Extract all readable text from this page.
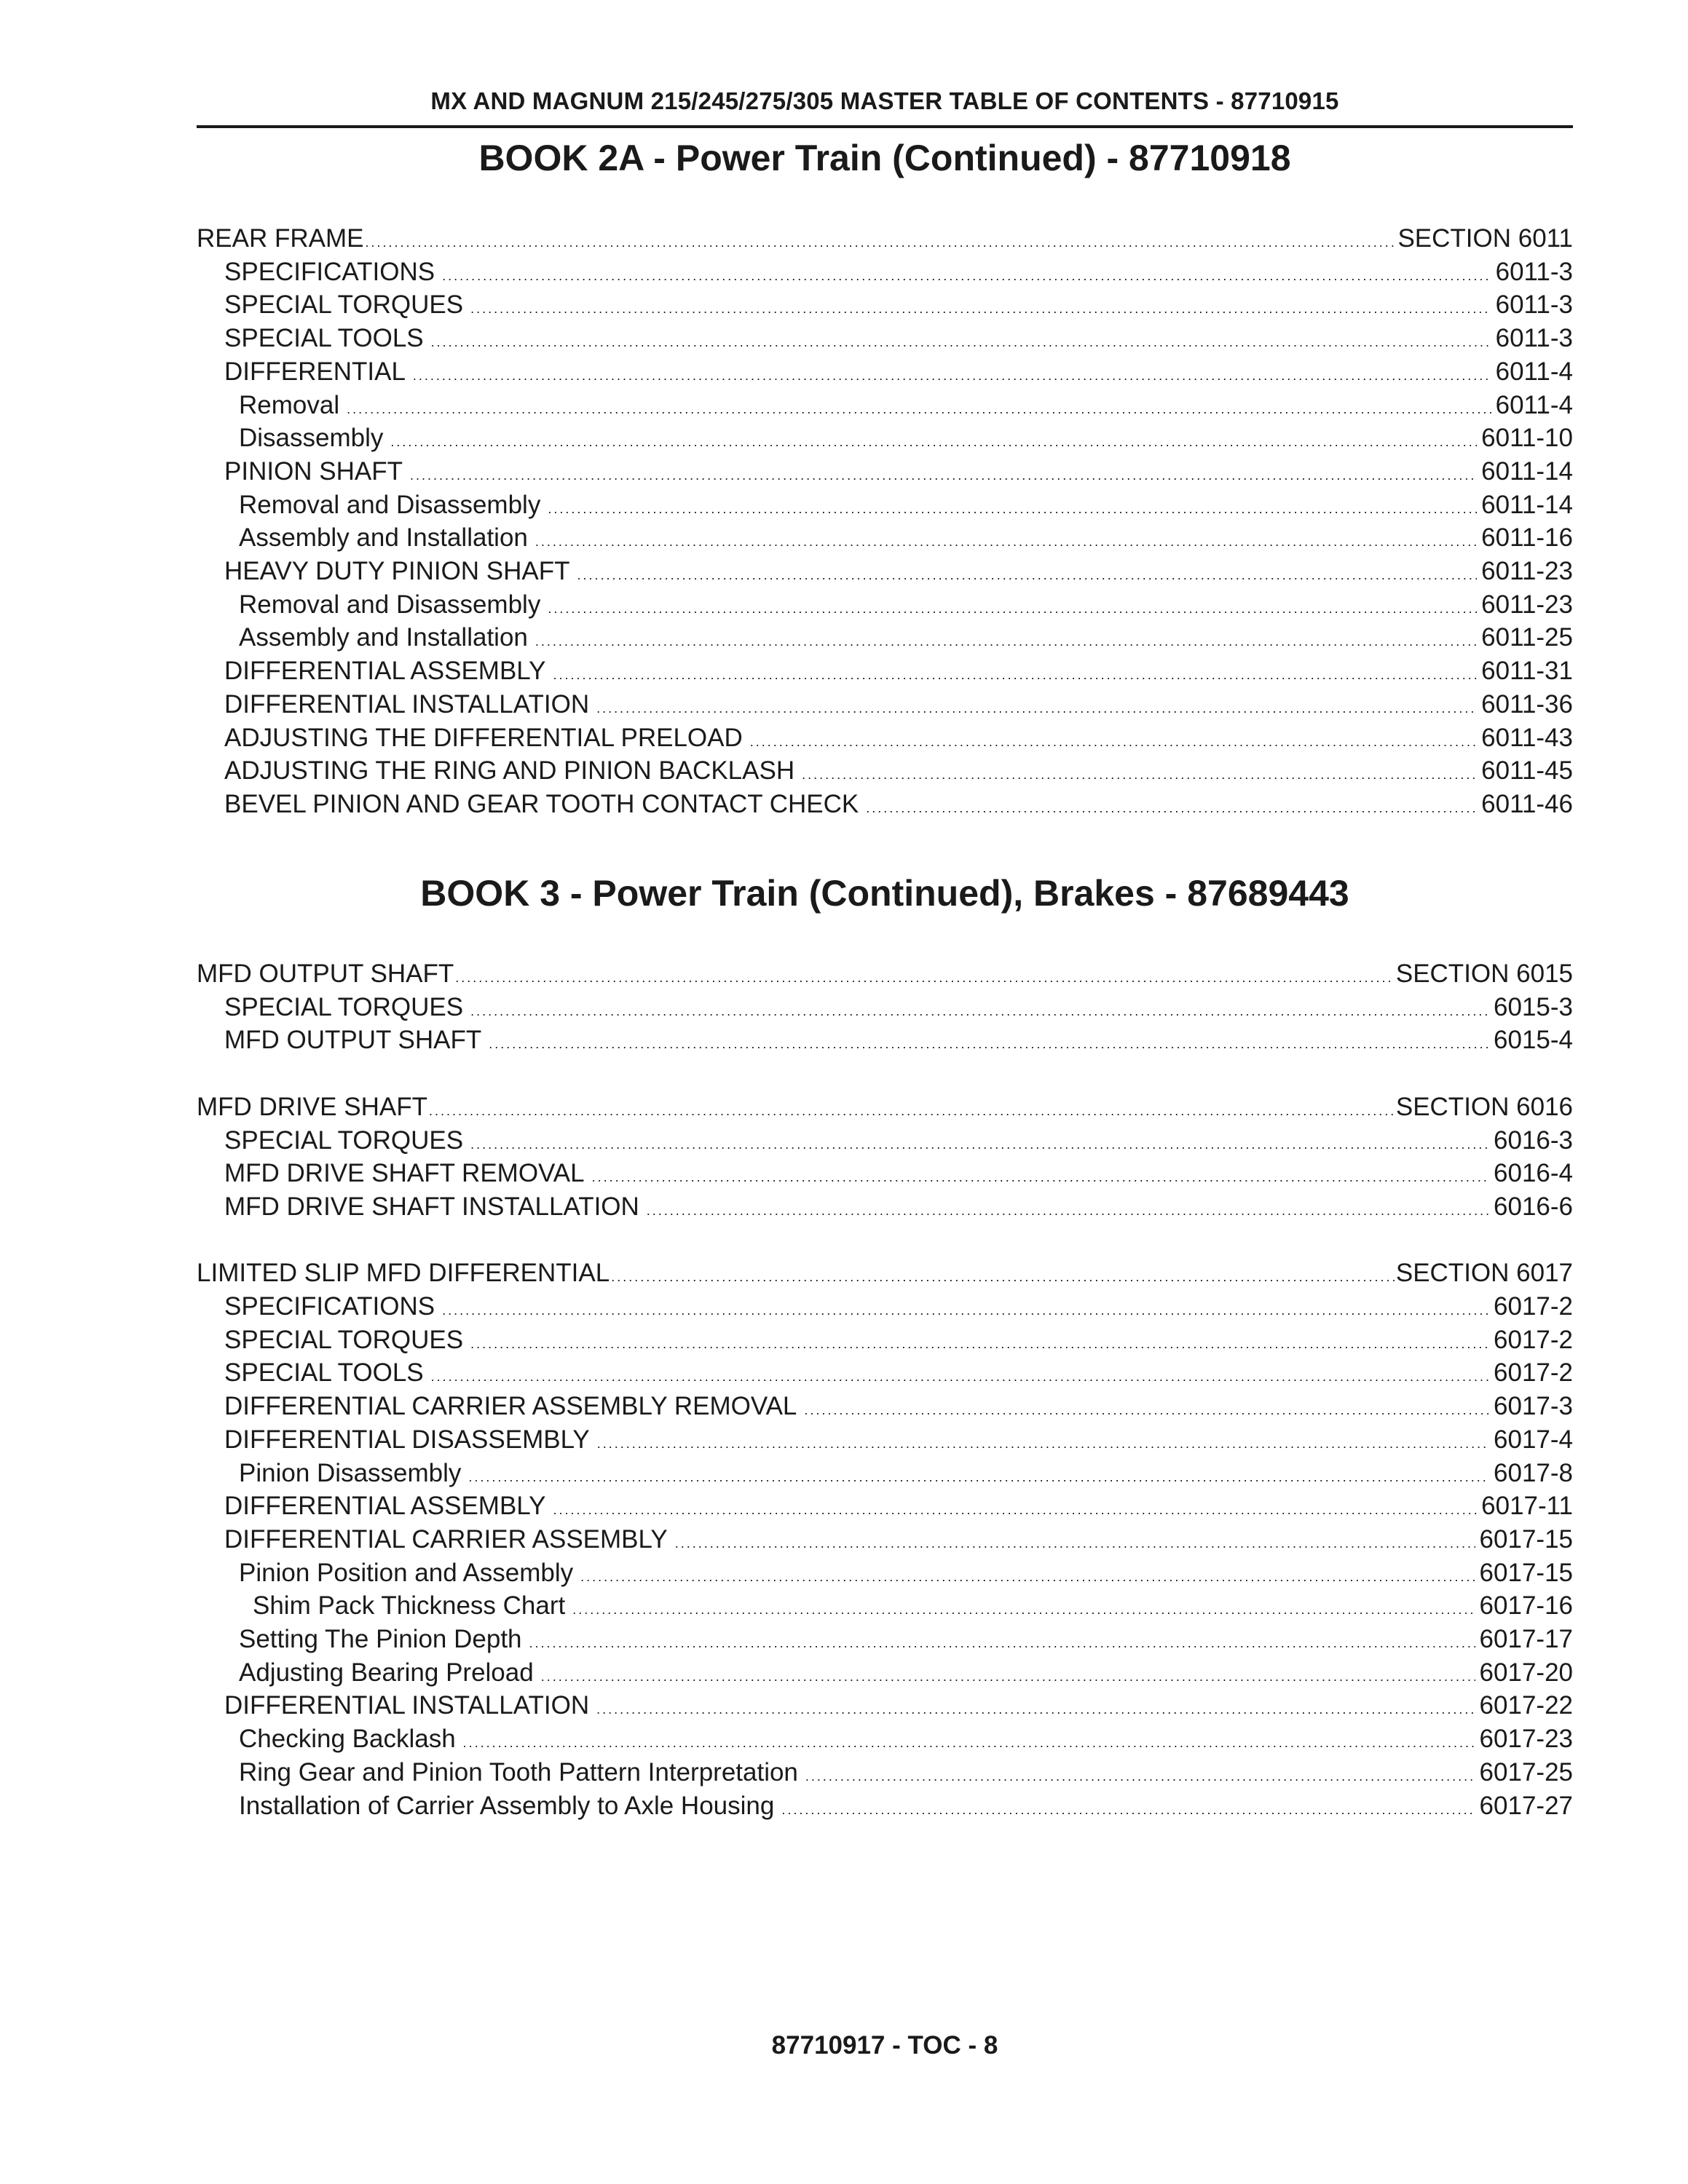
MX AND MAGNUM 215/245/275/305 MASTER TABLE OF CONTENTS - 87710915
BOOK 2A - Power Train (Continued) - 87710918
REAR FRAME . . .	SECTION 6011
SPECIFICATIONS . . .	6011-3
SPECIAL TORQUES . . .	6011-3
SPECIAL TOOLS . . .	6011-3
DIFFERENTIAL . . .	6011-4
Removal . . .	6011-4
Disassembly . . .	6011-10
PINION SHAFT . . .	6011-14
Removal and Disassembly . . .	6011-14
Assembly and Installation . . .	6011-16
HEAVY DUTY PINION SHAFT . . .	6011-23
Removal and Disassembly . . .	6011-23
Assembly and Installation . . .	6011-25
DIFFERENTIAL ASSEMBLY . . .	6011-31
DIFFERENTIAL INSTALLATION . . .	6011-36
ADJUSTING THE DIFFERENTIAL PRELOAD . . .	6011-43
ADJUSTING THE RING AND PINION BACKLASH . . .	6011-45
BEVEL PINION AND GEAR TOOTH CONTACT CHECK . . .	6011-46
BOOK 3 - Power Train (Continued), Brakes - 87689443
MFD OUTPUT SHAFT . . .	SECTION 6015
SPECIAL TORQUES . . .	6015-3
MFD OUTPUT SHAFT . . .	6015-4
MFD DRIVE SHAFT . . .	SECTION 6016
SPECIAL TORQUES . . .	6016-3
MFD DRIVE SHAFT REMOVAL . . .	6016-4
MFD DRIVE SHAFT INSTALLATION . . .	6016-6
LIMITED SLIP MFD DIFFERENTIAL . . .	SECTION 6017
SPECIFICATIONS . . .	6017-2
SPECIAL TORQUES . . .	6017-2
SPECIAL TOOLS . . .	6017-2
DIFFERENTIAL CARRIER ASSEMBLY REMOVAL . . .	6017-3
DIFFERENTIAL DISASSEMBLY . . .	6017-4
Pinion Disassembly . . .	6017-8
DIFFERENTIAL ASSEMBLY . . .	6017-11
DIFFERENTIAL CARRIER ASSEMBLY . . .	6017-15
Pinion Position and Assembly . . .	6017-15
Shim Pack Thickness Chart . . .	6017-16
Setting The Pinion Depth . . .	6017-17
Adjusting Bearing Preload . . .	6017-20
DIFFERENTIAL INSTALLATION . . .	6017-22
Checking Backlash . . .	6017-23
Ring Gear and Pinion Tooth Pattern Interpretation . . .	6017-25
Installation of Carrier Assembly to Axle Housing . . .	6017-27
87710917 - TOC - 8
